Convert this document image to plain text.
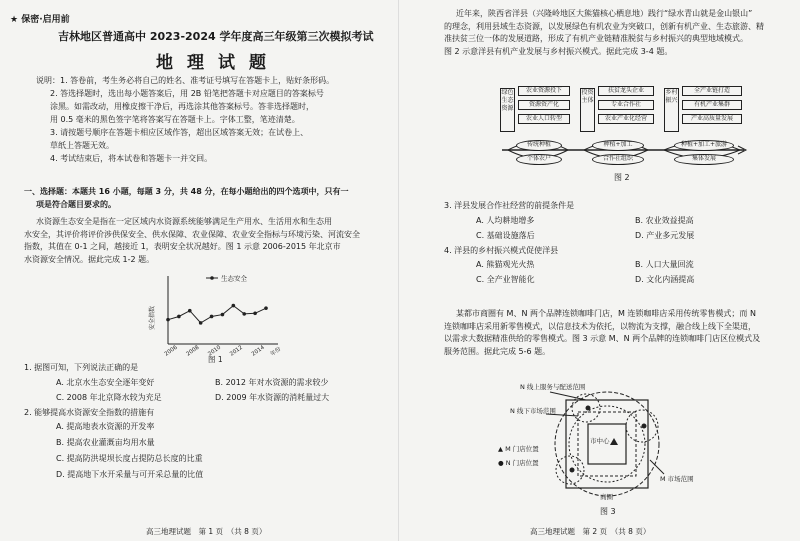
★ 保密·启用前
吉林地区普通高中 2023-2024 学年度高三年级第三次模拟考试
地理试题
说明：1. 答卷前，考生务必将自己的姓名、准考证号填写在答题卡上，贴好条形码。
2. 答选择题时，选出每小题答案后，用 2B 铅笔把答题卡对应题目的答案标号
涂黑。如需改动，用橡皮擦干净后，再选涂其他答案标号。答非选择题时，
用 0.5 毫米的黑色签字笔将答案写在答题卡上。字体工整，笔迹清楚。
3. 请按题号顺序在答题卡相应区域作答，超出区域答案无效；在试卷上、
草纸上答题无效。
4. 考试结束后，将本试卷和答题卡一并交回。
一、选择题：本题共 16 小题，每题 3 分，共 48 分，在每小题给出的四个选项中，只有一
项是符合题目要求的。
水资源生态安全是指在一定区域内水资源系统能够满足生产用水、生活用水和生态用
水安全，其评价将评价涉供保安全、供水保障、农业保障、农业安全指标与环境污染、河流安全
指数，其值在 0-1 之间，越接近 1，表明安全状况越好。图 1 示意 2006-2015 年北京市
水资源安全情况。据此完成 1-2 题。
生态安全
安全指数
2006 2008 2010 2012 2014 年份
图 1
1. 据图可知，下列说法正确的是
A. 北京水生态安全逐年变好	B. 2012 年对水资源的需求较少
C. 2008 年北京降水较为充足	D. 2009 年水资源的消耗量过大
2. 能够提高水资源安全指数的措施有
A. 提高地表水资源的开发率
B. 提高农业灌溉亩均用水量
C. 提高防洪堤坝长度占提防总长度的比重
D. 提高地下水开采量与可开采总量的比值
高三地理试题　第 1 页　（共 8 页）
近年来，陕西省洋县（兴隆岭地区大熊猫核心栖息地）践行“绿水青山就是金山银山”
的理念，利用县域生态资源，以发展绿色有机农业为突破口，创新有机产业、生态旅游、精
准扶贫三位一体的发展道路，形成了有机产业链精准脱贫与乡村振兴的典型地域模式。
图 2 示意洋县有机产业发展与乡村振兴模式。据此完成 3-4 题。
绿色生态资源
农业资源投下
资源资产化
农业人口转型
投资主体
扶贫龙头企业
专业合作社
农业产业化经营
乡村振兴
全产业链打造
有机产业集群
产业高质量发展
传统种植	种植+加工	种植+加工+旅游
个体农户	合作社组织	集体发展
图 2
3. 洋县发展合作社经营的前提条件是
A. 人均耕地增多	B. 农业效益提高
C. 基础设施落后	D. 产业多元发展
4. 洋县的乡村振兴模式促使洋县
A. 熊猫观光火热	B. 人口大量回流
C. 全产业智能化	D. 文化内涵提高
某都市商圈有 M、N 两个品牌连锁咖啡门店，M 连锁咖啡店采用传统零售模式；而 N
连锁咖啡店采用新零售模式，以信息技术为依托，以物流为支撑，融合线上线下全渠道，
以需求大数据精准供给的零售模式。图 3 示意 M、N 两个品牌的连锁咖啡门店区位模式及
服务范围。据此完成 5-6 题。
N 线上服务与配送范围
N 线下市场范围
市中心
▲ M 门店位置
● N 门店位置
M 市场范围
商圈
图 3
高三地理试题　第 2 页　（共 8 页）
